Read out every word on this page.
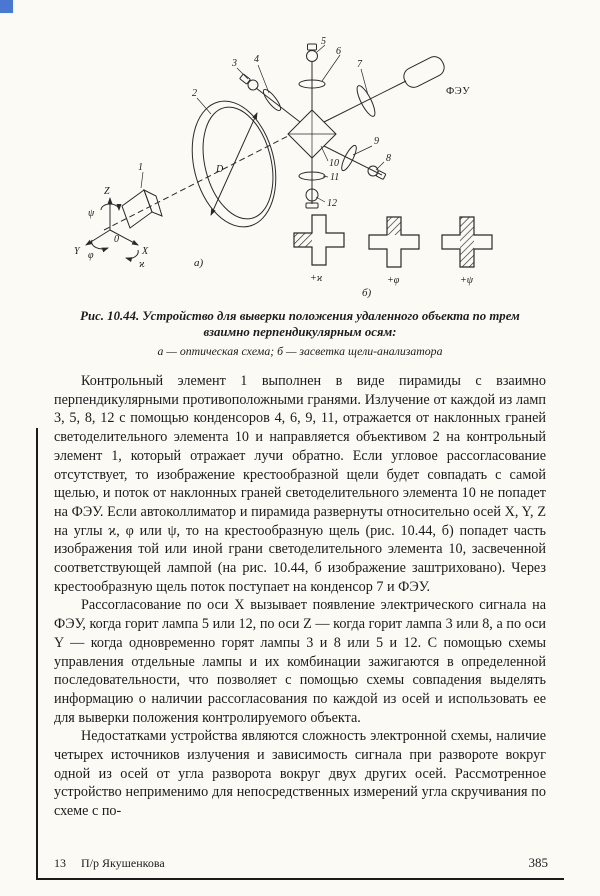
1
2
3 4
5
6
7
8
9
10
11
12
ФЭУ
D
Z
Y	X
ψ
φ
ϰ
0
а)
б)
+ϰ	+φ	+ψ
Рис. 10.44. Устройство для выверки положения удаленного объекта по трем
взаимно перпендикулярным осям:
а — оптическая схема; б — засветка щели-анализатора

Контрольный элемент 1 выполнен в виде пирамиды с взаимно перпендикулярными противоположными гранями. Излучение от каждой из ламп 3, 5, 8, 12 с помощью конденсоров 4, 6, 9, 11, отражается от наклонных граней светоделительного элемента 10 и направляется объективом 2 на контрольный элемент 1, который отражает лучи обратно. Если угловое рассогласование отсутствует, то изображение крестообразной щели будет совпадать с самой щелью, и поток от наклонных граней светоделительного элемента 10 не попадет на ФЭУ. Если автоколлиматор и пирамида развернуты относительно осей X, Y, Z на углы ϰ, φ или ψ, то на крестообразную щель (рис. 10.44, б) попадет часть изображения той или иной грани светоделительного элемента 10, засвеченной соответствующей лампой (на рис. 10.44, б изображение заштриховано). Через крестообразную щель поток поступает на конденсор 7 и ФЭУ.

Рассогласование по оси X вызывает появление электрического сигнала на ФЭУ, когда горит лампа 5 или 12, по оси Z — когда горит лампа 3 или 8, а по оси Y — когда одновременно горят лампы 3 и 8 или 5 и 12. С помощью схемы управления отдельные лампы и их комбинации зажигаются в определенной последовательности, что позволяет с помощью схемы совпадения выделять информацию о наличии рассогласования по каждой из осей и использовать ее для выверки положения контролируемого объекта.

Недостатками устройства являются сложность электронной схемы, наличие четырех источников излучения и зависимость сигнала при развороте вокруг одной из осей от угла разворота вокруг двух других осей. Рассмотренное устройство неприменимо для непосредственных измерений угла скручивания по схеме с по-

13 П/р Якушенкова	385
